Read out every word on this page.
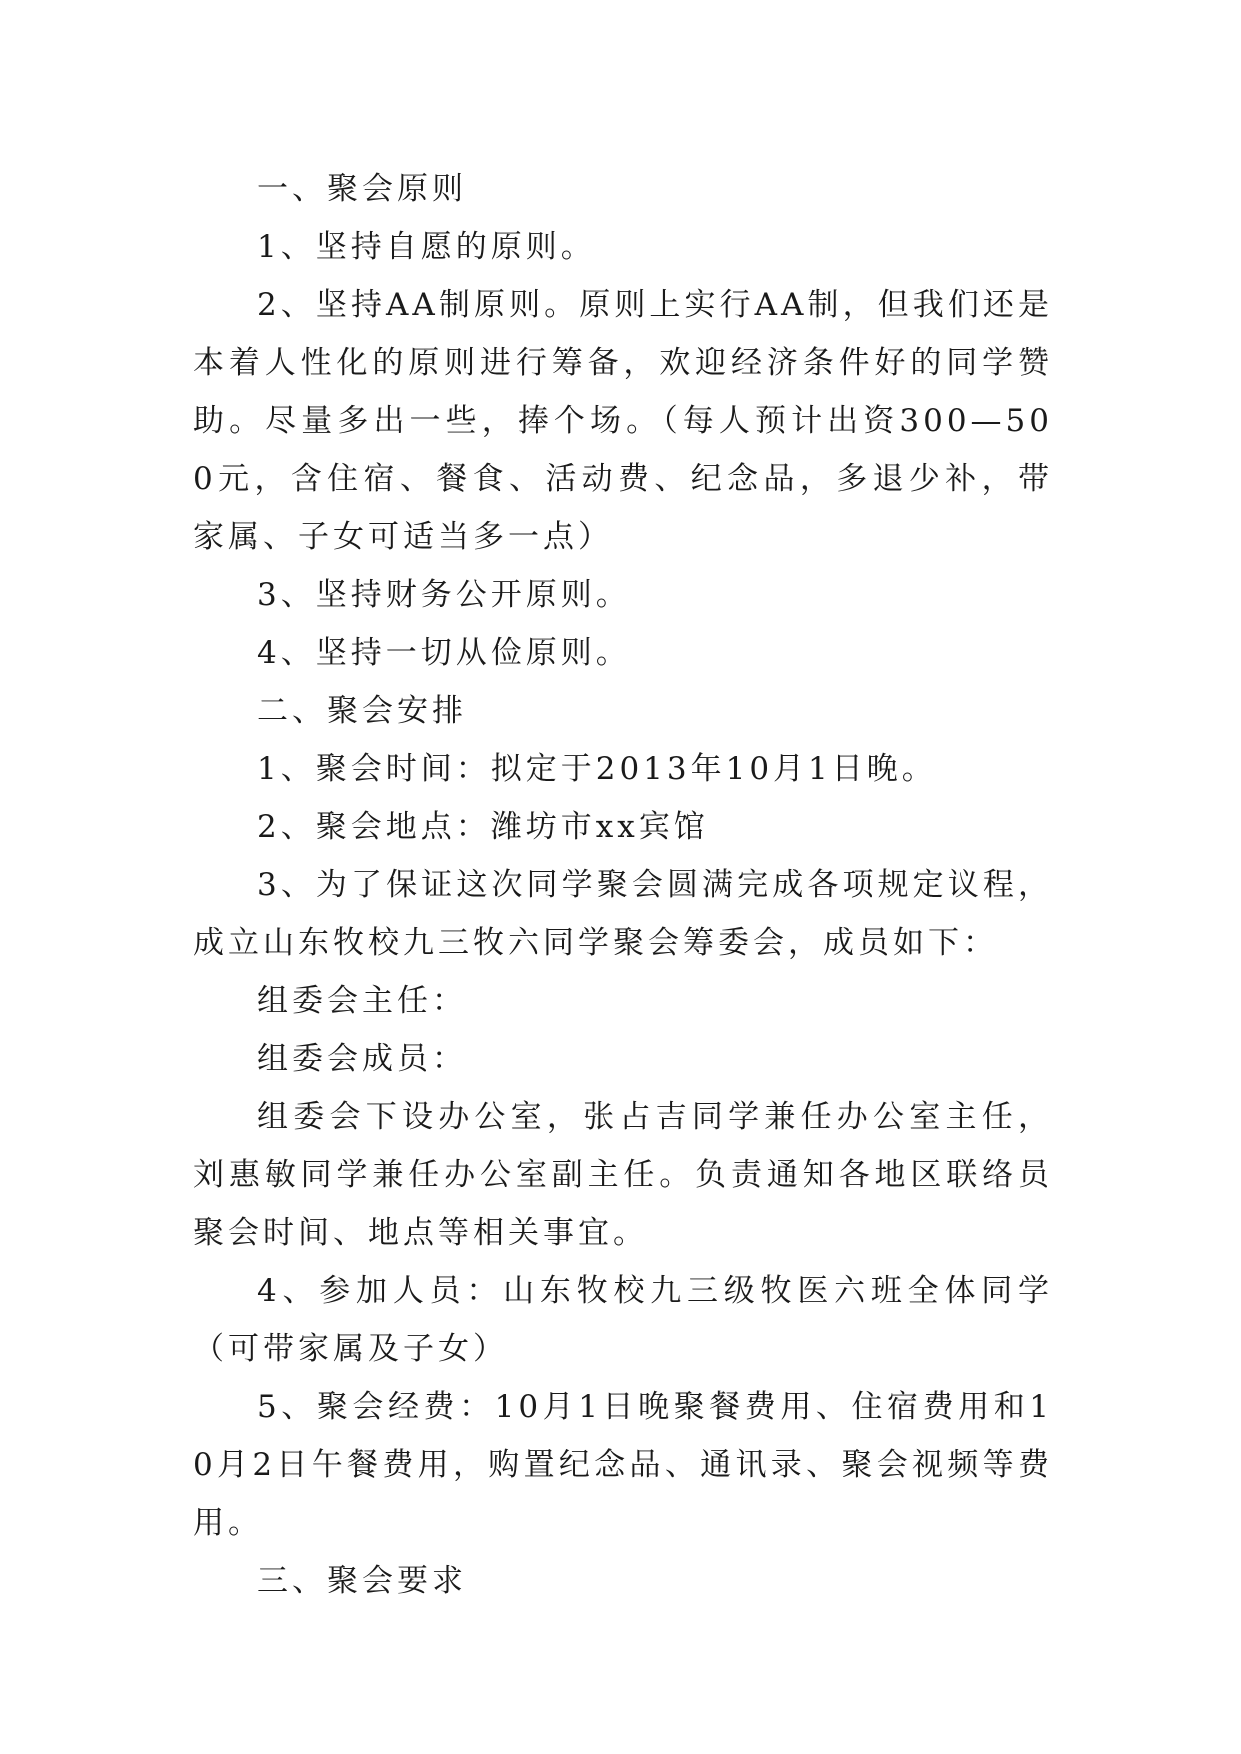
一、聚会原则

1、坚持自愿的原则。

2、坚持AA制原则。原则上实行AA制，但我们还是本着人性化的原则进行筹备，欢迎经济条件好的同学赞助。尽量多出一些，捧个场。（每人预计出资300—500元，含住宿、餐食、活动费、纪念品，多退少补，带家属、子女可适当多一点）

3、坚持财务公开原则。

4、坚持一切从俭原则。

二、聚会安排

1、聚会时间：拟定于2013年10月1日晚。

2、聚会地点：潍坊市xx宾馆

3、为了保证这次同学聚会圆满完成各项规定议程，成立山东牧校九三牧六同学聚会筹委会，成员如下：

组委会主任：

组委会成员：

组委会下设办公室，张占吉同学兼任办公室主任，刘惠敏同学兼任办公室副主任。负责通知各地区联络员聚会时间、地点等相关事宜。

4、参加人员：山东牧校九三级牧医六班全体同学（可带家属及子女）

5、聚会经费：10月1日晚聚餐费用、住宿费用和10月2日午餐费用，购置纪念品、通讯录、聚会视频等费用。

三、聚会要求
